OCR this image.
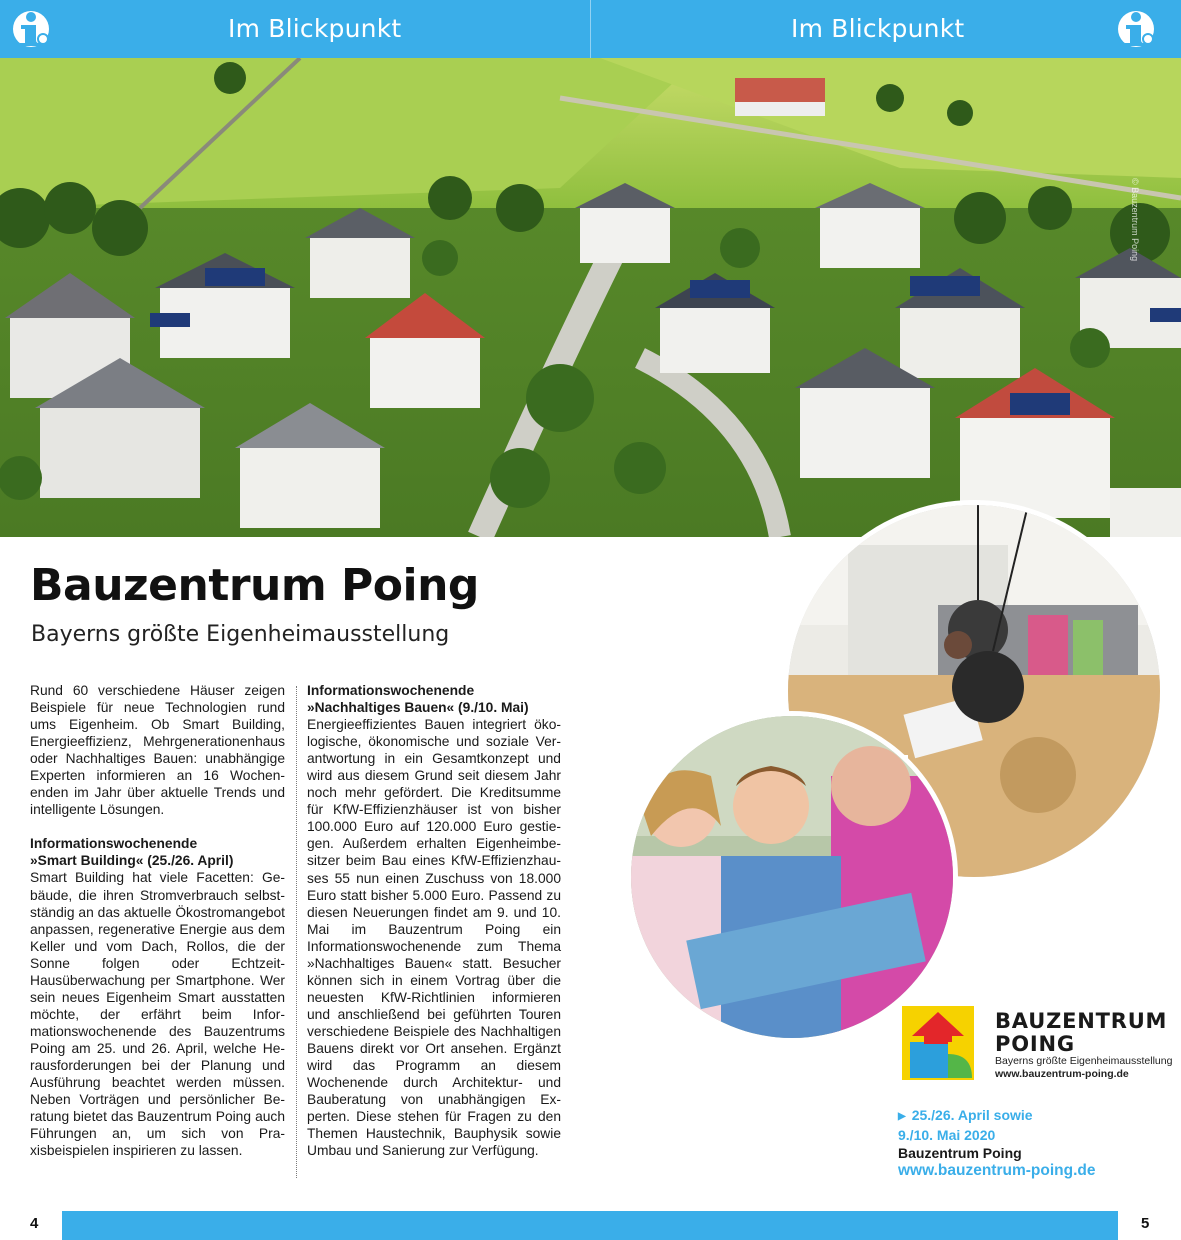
Im Blickpunkt	Im Blickpunkt
© Bauzentrum Poing
Bauzentrum Poing
Bayerns größte Eigenheimausstellung

Rund 60 verschiedene Häuser zeigen Beispiele für neue Technologien rund ums Eigenheim. Ob Smart Building, Energieeffizienz, Mehrgenerationenhaus oder Nachhaltiges Bauen: unabhängige Experten informieren an 16 Wochenenden im Jahr über aktuelle Trends und intelligente Lösungen.

Informationswochenende

»Smart Building« (25./26. April)

Smart Building hat viele Facetten: Gebäude, die ihren Stromverbrauch selbstständig an das aktuelle Ökostromangebot anpassen, regenerative Energie aus dem Keller und vom Dach, Rollos, die der Sonne folgen oder Echtzeit-Hausüberwachung per Smartphone. Wer sein neues Eigenheim Smart ausstatten möchte, der erfährt beim Informationswochenende des Bauzentrums Poing am 25. und 26. April, welche Herausforderungen bei der Planung und Ausführung beachtet werden müssen. Neben Vorträgen und persönlicher Beratung bietet das Bauzentrum Poing auch Führungen an, um sich von Praxisbeispielen inspirieren zu lassen.

Informationswochenende

»Nachhaltiges Bauen« (9./10. Mai)

Energieeffizientes Bauen integriert ökologische, ökonomische und soziale Verantwortung in ein Gesamtkonzept und wird aus diesem Grund seit diesem Jahr noch mehr gefördert. Die Kreditsumme für KfW-Effizienzhäuser ist von bisher 100.000 Euro auf 120.000 Euro gestiegen. Außerdem erhalten Eigenheimbesitzer beim Bau eines KfW-Effizienzhauses 55 nun einen Zuschuss von 18.000 Euro statt bisher 5.000 Euro. Passend zu diesen Neuerungen findet am 9. und 10. Mai im Bauzentrum Poing ein Informationswochenende zum Thema »Nachhaltiges Bauen« statt. Besucher können sich in einem Vortrag über die neuesten KfW-Richtlinien informieren und anschließend bei geführten Touren verschiedene Beispiele des Nachhaltigen Bauens direkt vor Ort ansehen. Ergänzt wird das Programm an diesem Wochenende durch Architektur- und Bauberatung von unabhängigen Experten. Diese stehen für Fragen zu den Themen Haustechnik, Bauphysik sowie Umbau und Sanierung zur Verfügung.

BAUZENTRUM
POING
Bayerns größte Eigenheimausstellung
www.bauzentrum-poing.de
▶ 25./26. April sowie
9./10. Mai 2020
Bauzentrum Poing
www.bauzentrum-poing.de
4	5
